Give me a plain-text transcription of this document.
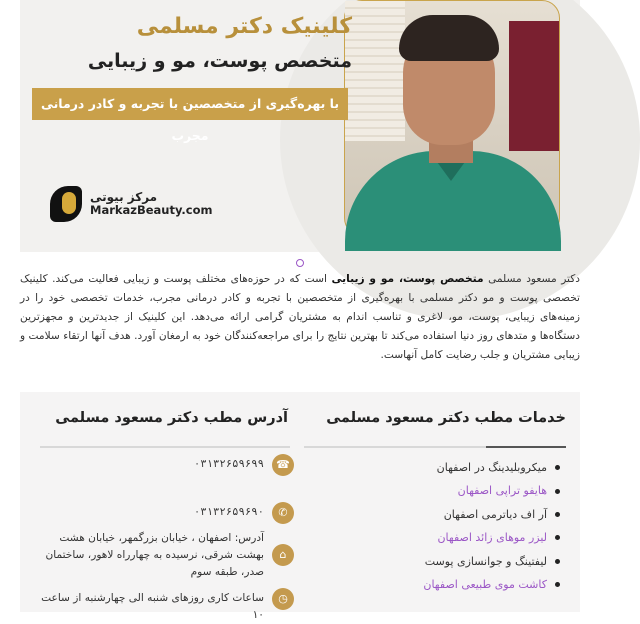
کلینیک دکتر مسلمی
متخصص پوست، مو و زیبایی
با بهره‌گیری از متخصصین با تجربه و کادر درمانی مجرب
مرکز بیوتی
MarkazBeauty.com
دکتر مسعود مسلمی متخصص پوست، مو و زیبایی است که در حوزه‌های مختلف پوست و زیبایی فعالیت می‌کند. کلینیک تخصصی پوست و مو دکتر مسلمی با بهره‌گیری از متخصصین با تجربه و کادر درمانی مجرب، خدمات تخصصی خود را در زمینه‌های زیبایی، پوست، مو، لاغری و تناسب اندام به مشتریان گرامی ارائه می‌دهد. این کلینیک از جدیدترین و مجهزترین دستگاه‌ها و متدهای روز دنیا استفاده می‌کند تا بهترین نتایج را برای مراجعه‌کنندگان خود به ارمغان آورد. هدف آنها ارتقاء سلامت و زیبایی مشتریان و جلب رضایت کامل آنهاست.
خدمات مطب دکتر مسعود مسلمی
آدرس مطب دکتر مسعود مسلمی
میکروبلیدینگ در اصفهان
هایفو تراپی اصفهان
آر اف دیاترمی اصفهان
لیزر موهای زائد اصفهان
لیفتینگ و جوانسازی پوست
کاشت موی طبیعی اصفهان
☎
۰۳۱۳۲۶۵۹۶۹۹
✆
۰۳۱۳۲۶۵۹۶۹۰
⌂
آدرس: اصفهان ، خیابان بزرگمهر، خیابان هشت بهشت شرقی، نرسیده به چهارراه لاهور، ساختمان صدر، طبقه سوم
◷
ساعات کاری روزهای شنبه الی چهارشنبه از ساعت ۱۰
